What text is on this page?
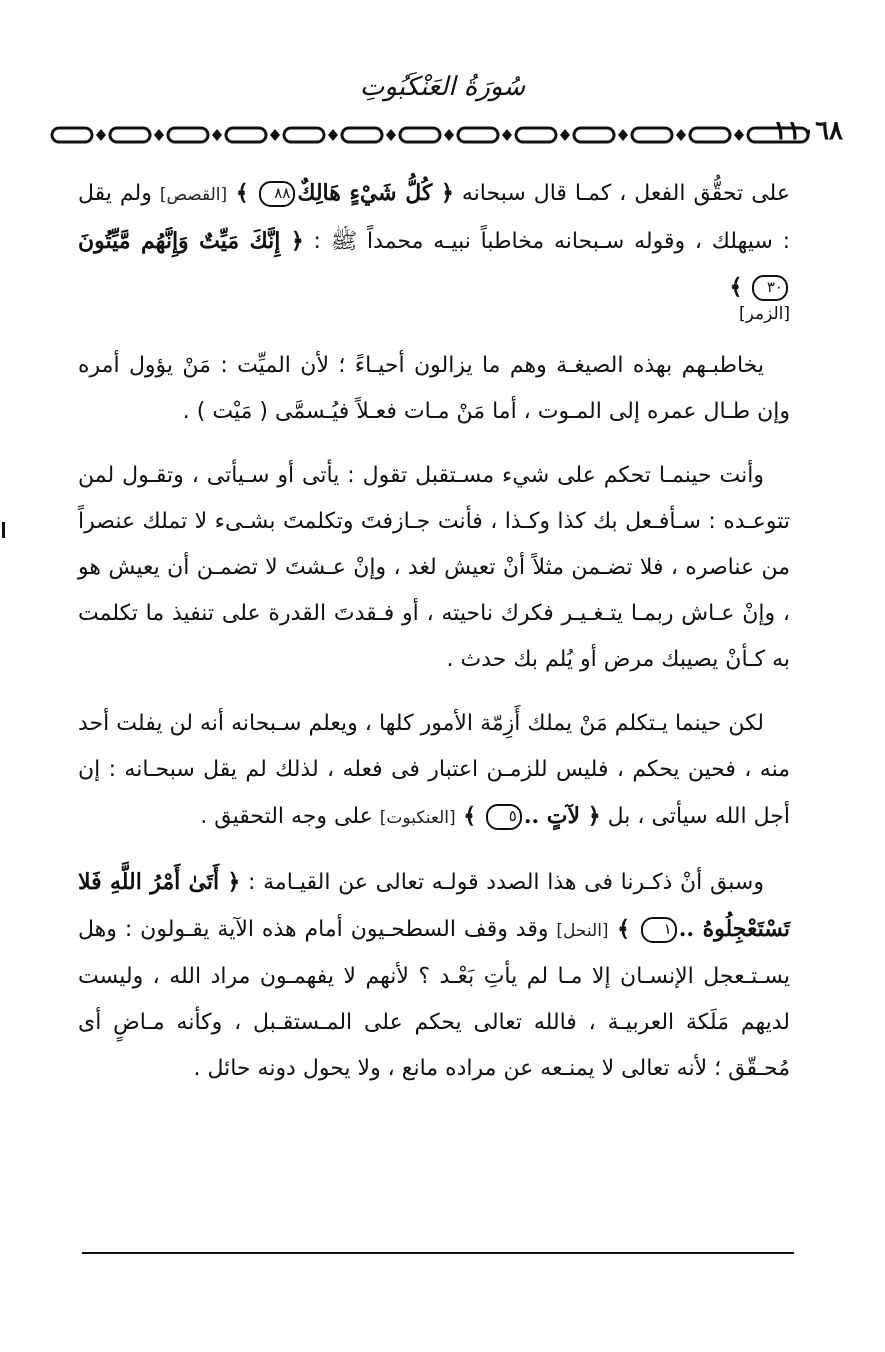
سُورَةُ العَنْكَبُوتِ
١١٠٦٨

على تحقُّق الفعل ، كمـا قال سبحانه ﴿ كُلُّ شَيْءٍ هَالِكٌ٨٨ ﴾ [القصص] ولم يقل : سيهلك ، وقوله سـبحانه مخاطباً نبيـه محمداً ﷺ : ﴿ إِنَّكَ مَيِّتٌ وَإِنَّهُم مَّيِّتُونَ٣٠ ﴾

[الزمر]

يخاطبـهم بهذه الصيغـة وهم ما يزالون أحيـاءً ؛ لأن الميِّت : مَنْ يؤول أمره وإن طـال عمره إلى المـوت ، أما مَنْ مـات فعـلاً فيُـسمَّى ( مَيْت ) .

وأنت حينمـا تحكم على شيء مسـتقبل تقول : يأتى أو سـيأتى ، وتقـول لمن تتوعـده : سـأفـعل بك كذا وكـذا ، فأنت جـازفتَ وتكلمتَ بشـىء لا تملك عنصراً من عناصره ، فلا تضـمن مثلاً أنْ تعيش لغد ، وإنْ عـشتَ لا تضمـن أن يعيش هو ، وإنْ عـاش ربمـا يتـغـيـر فكرك ناحيته ، أو فـقدتَ القدرة على تنفيذ ما تكلمت به كـأنْ يصيبك مرض أو يُلم بك حدث .

لكن حينما يـتكلم مَنْ يملك أَزِمّة الأمور كلها ، ويعلم سـبحانه أنه لن يفلت أحد منه ، فحين يحكم ، فليس للزمـن اعتبار فى فعله ، لذلك لم يقل سبحـانه : إن أجل الله سيأتى ، بل ﴿ لآتٍ ..٥ ﴾ [العنكبوت] على وجه التحقيق .

وسبق أنْ ذكـرنا فى هذا الصدد قولـه تعالى عن القيـامة : ﴿ أَتَىٰ أَمْرُ اللَّهِ فَلا تَسْتَعْجِلُوهُ ..١ ﴾ [النحل] وقد وقف السطحـيون أمام هذه الآية يقـولون : وهل يسـتـعجل الإنسـان إلا مـا لم يأتِ بَعْـد ؟ لأنهم لا يفهمـون مراد الله ، وليست لديهم مَلَكة العربيـة ، فالله تعالى يحكم على المـستقـبل ، وكأنه مـاضٍ أى مُحـقّق ؛ لأنه تعالى لا يمنـعه عن مراده مانع ، ولا يحول دونه حائل .
